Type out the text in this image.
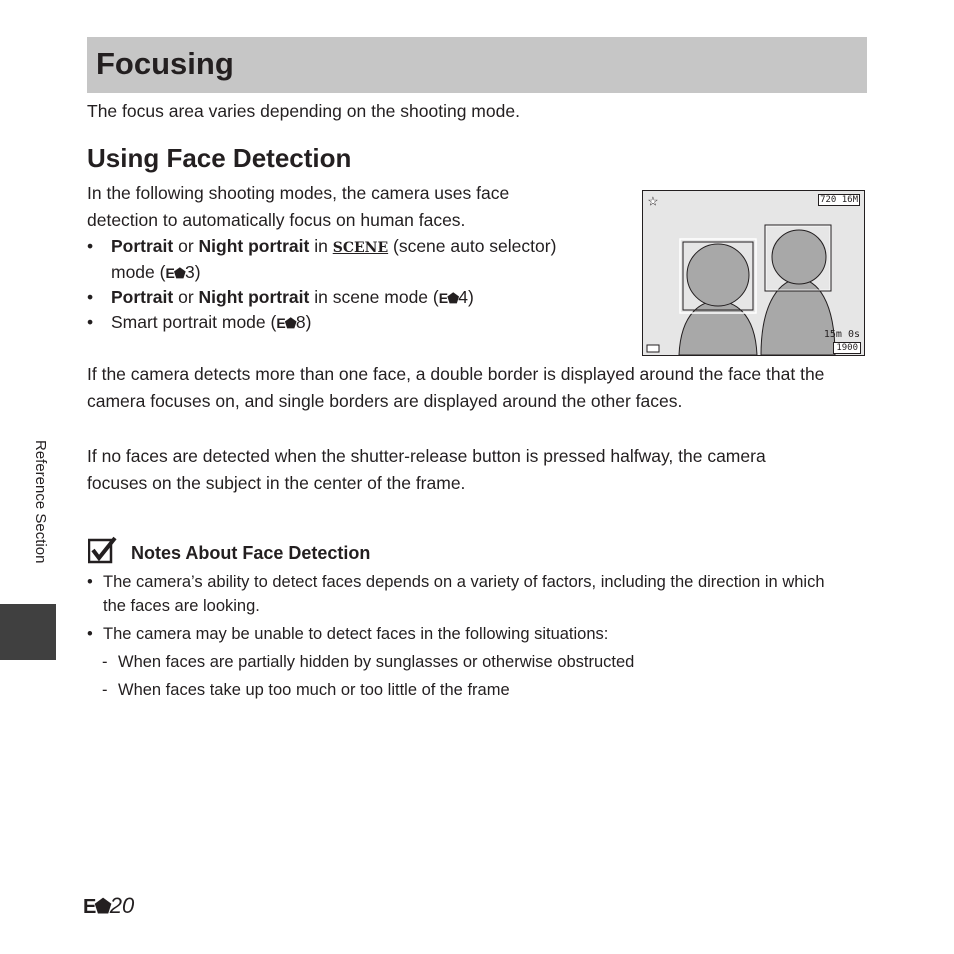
Focusing

The focus area varies depending on the shooting mode.

Using Face Detection

In the following shooting modes, the camera uses face detection to automatically focus on human faces.

• Portrait or Night portrait in SCENE (scene auto selector) mode (E⬟3)
• Portrait or Night portrait in scene mode (E⬟4)
• Smart portrait mode (E⬟8)
★	720 16M
15m 0s
1900

If the camera detects more than one face, a double border is displayed around the face that the camera focuses on, and single borders are displayed around the other faces.

If no faces are detected when the shutter-release button is pressed halfway, the camera focuses on the subject in the center of the frame.

Reference Section	Notes About Face Detection
• The camera’s ability to detect faces depends on a variety of factors, including the direction in which the faces are looking.
• The camera may be unable to detect faces in the following situations:

- When faces are partially hidden by sunglasses or otherwise obstructed

- When faces take up too much or too little of the frame

E⬟20
